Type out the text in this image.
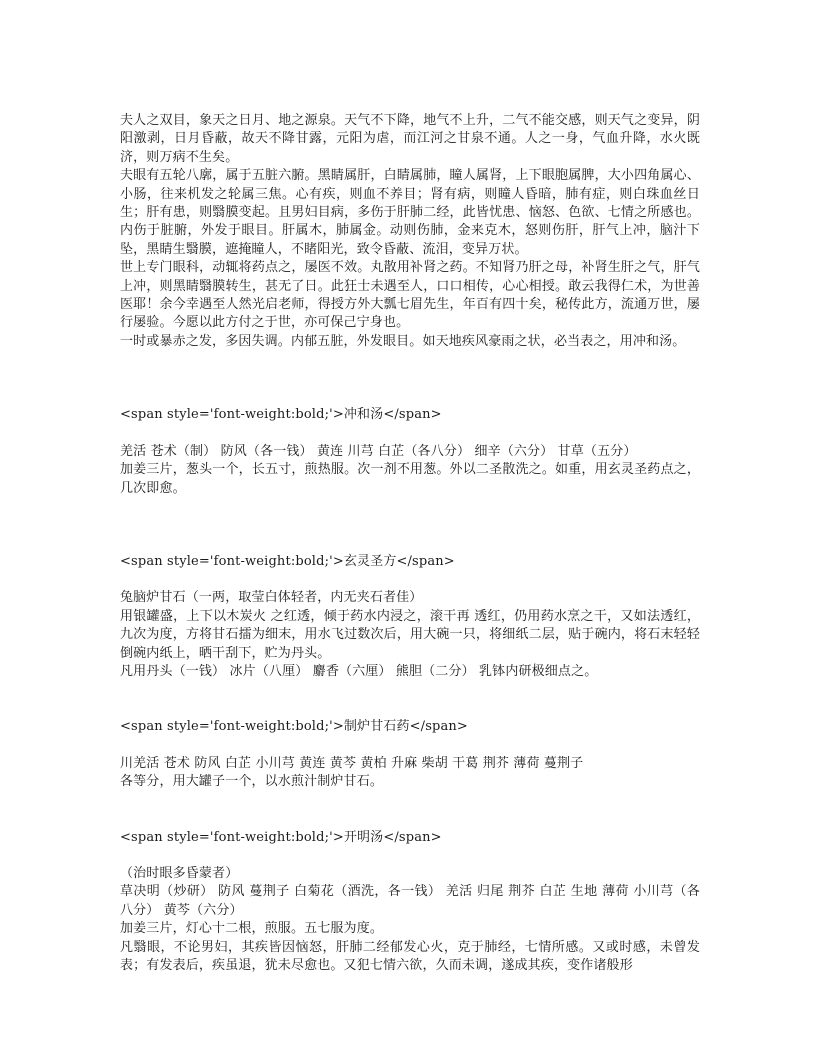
夫人之双目，象天之日月、地之源泉。天气不下降，地气不上升，二气不能交感，则天气之变异，阴阳激剥，日月昏蔽，故天不降甘露，元阳为虐，而江河之甘泉不通。人之一身，气血升降，水火既济，则万病不生矣。

夫眼有五轮八廓，属于五脏六腑。黑睛属肝，白睛属肺，瞳人属肾，上下眼胞属脾，大小四角属心、小肠，往来机发之轮属三焦。心有疾，则血不养目；肾有病，则瞳人昏暗，肺有症，则白珠血丝日生；肝有患，则翳膜变起。且男妇目病，多伤于肝肺二经，此皆忧患、恼怒、色欲、七情之所感也。内伤于脏腑，外发于眼目。肝属木，肺属金。动则伤肺，金来克木，怒则伤肝，肝气上冲，脑汁下坠，黑睛生翳膜，遮掩瞳人，不睹阳光，致令昏蔽、流泪，变异万状。

世上专门眼科，动辄将药点之，屡医不效。丸散用补肾之药。不知肾乃肝之母，补肾生肝之气，肝气上冲，则黑睛翳膜转生，甚无了日。此狂士未遇至人，口口相传，心心相授。敢云我得仁术，为世善医耶！余今幸遇至人然光启老师，得授方外大瓢七眉先生，年百有四十矣，秘传此方，流通万世，屡行屡验。今愿以此方付之于世，亦可保己宁身也。

一时或暴赤之发，多因失调。内郁五脏，外发眼目。如天地疾风豪雨之状，必当表之，用冲和汤。

<span style='font-weight:bold;'>冲和汤</span>

羌活 苍术（制） 防风（各一钱） 黄连 川芎 白芷（各八分） 细辛（六分） 甘草（五分）

加姜三片，葱头一个，长五寸，煎热服。次一剂不用葱。外以二圣散洗之。如重，用玄灵圣药点之，几次即愈。

<span style='font-weight:bold;'>玄灵圣方</span>

兔脑炉甘石（一两，取莹白体轻者，内无夹石者佳）

用银罐盛，上下以木炭火 之红透，倾于药水内浸之，滚干再 透红，仍用药水烹之干，又如法透红，九次为度，方将甘石擂为细末，用水飞过数次后，用大碗一只，将细纸二层，贴于碗内，将石末轻轻倒碗内纸上，晒干刮下，贮为丹头。

凡用丹头（一钱） 冰片（八厘） 麝香（六厘） 熊胆（二分） 乳钵内研极细点之。

<span style='font-weight:bold;'>制炉甘石药</span>

川羌活 苍术 防风 白芷 小川芎 黄连 黄芩 黄柏 升麻 柴胡 干葛 荆芥 薄荷 蔓荆子

各等分，用大罐子一个，以水煎汁制炉甘石。

<span style='font-weight:bold;'>开明汤</span>

（治时眼多昏蒙者）

草决明（炒研） 防风 蔓荆子 白菊花（酒洗，各一钱） 羌活 归尾 荆芥 白芷 生地 薄荷 小川芎（各八分） 黄芩（六分）

加姜三片，灯心十二根，煎服。五七服为度。

凡翳眼，不论男妇，其疾皆因恼怒，肝肺二经郁发心火，克于肺经，七情所感。又或时感，未曾发表；有发表后，疾虽退，犹未尽愈也。又犯七情六欲，久而未调，遂成其疾，变作诸般形
